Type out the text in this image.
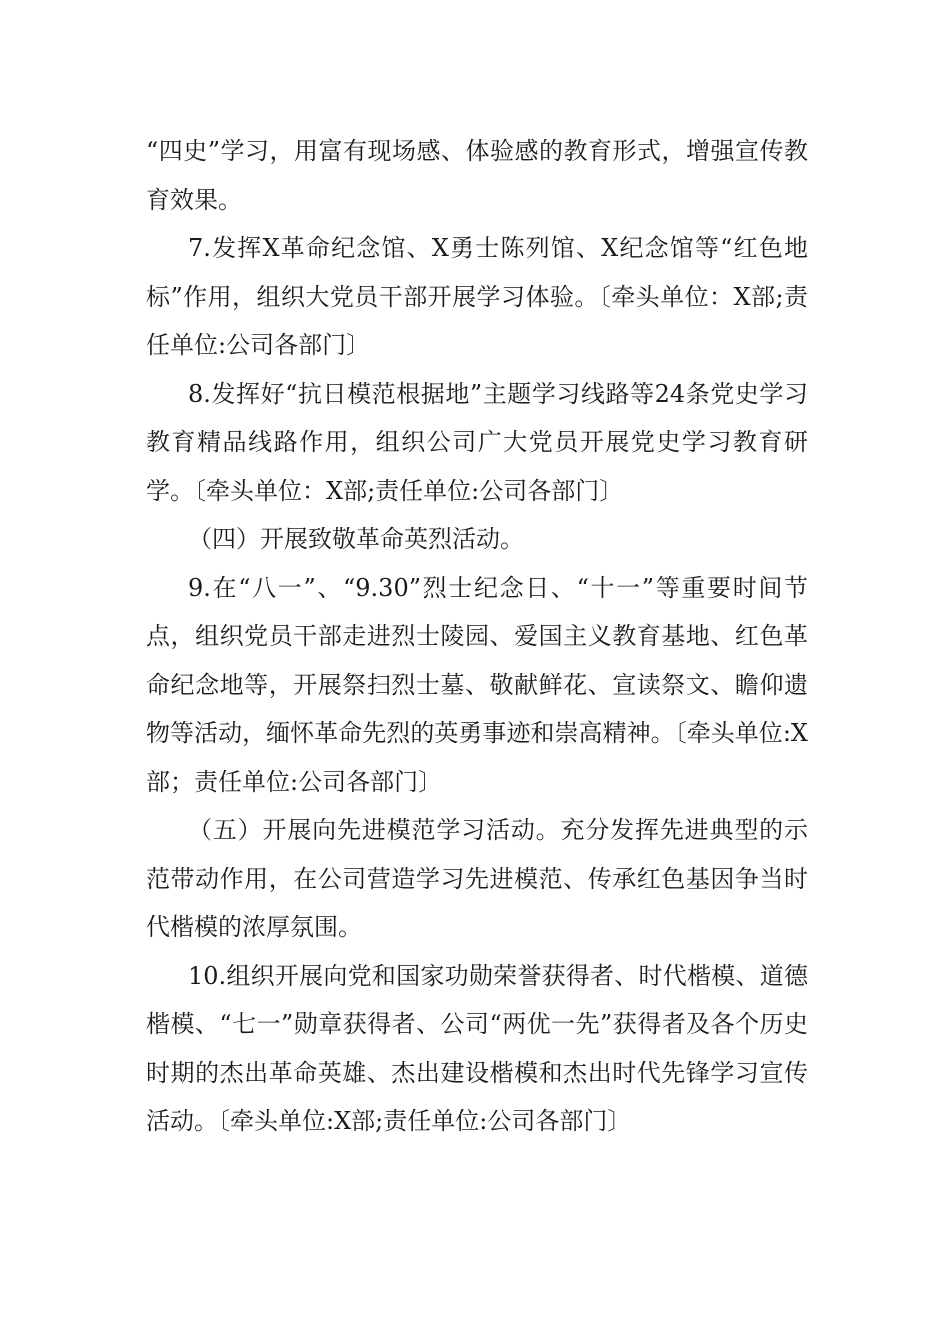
“四史”学习，用富有现场感、体验感的教育形式，增强宣传教育效果。

7.发挥X革命纪念馆、X勇士陈列馆、X纪念馆等“红色地标”作用，组织大党员干部开展学习体验。〔牵头单位：X部;责任单位:公司各部门〕

8.发挥好“抗日模范根据地”主题学习线路等24条党史学习教育精品线路作用，组织公司广大党员开展党史学习教育研学。〔牵头单位：X部;责任单位:公司各部门〕

（四）开展致敬革命英烈活动。

9.在“八一”、“9.30”烈士纪念日、“十一”等重要时间节点，组织党员干部走进烈士陵园、爱国主义教育基地、红色革命纪念地等，开展祭扫烈士墓、敬献鲜花、宣读祭文、瞻仰遗物等活动，缅怀革命先烈的英勇事迹和崇高精神。〔牵头单位:X部；责任单位:公司各部门〕

（五）开展向先进模范学习活动。充分发挥先进典型的示范带动作用，在公司营造学习先进模范、传承红色基因争当时代楷模的浓厚氛围。

10.组织开展向党和国家功勋荣誉获得者、时代楷模、道德楷模、“七一”勋章获得者、公司“两优一先”获得者及各个历史时期的杰出革命英雄、杰出建设楷模和杰出时代先锋学习宣传活动。〔牵头单位:X部;责任单位:公司各部门〕
